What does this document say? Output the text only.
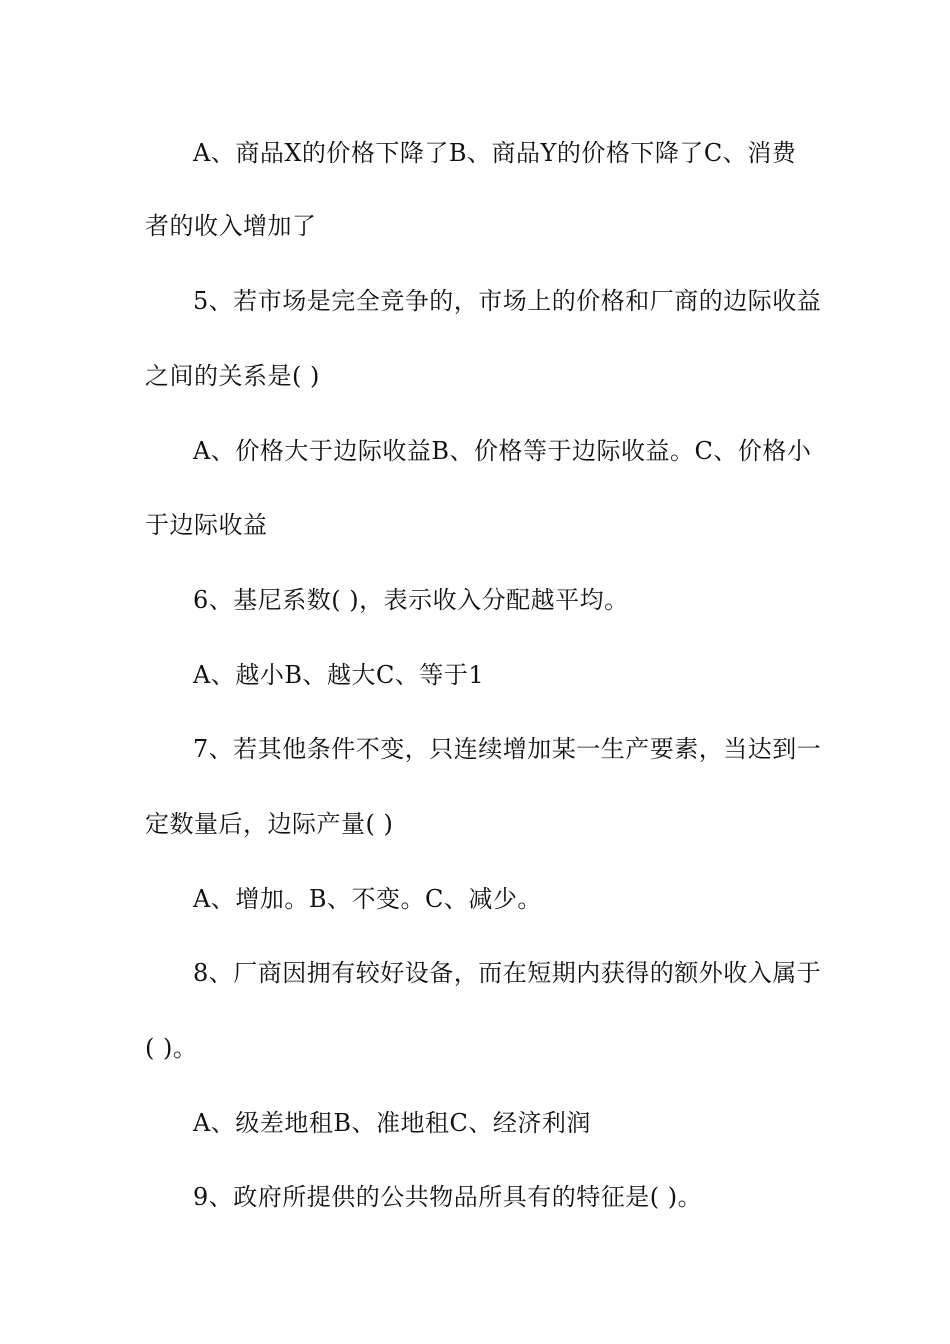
A、商品X的价格下降了B、商品Y的价格下降了C、消费
者的收入增加了
5、若市场是完全竞争的，市场上的价格和厂商的边际收益
之间的关系是( )
A、价格大于边际收益B、价格等于边际收益。C、价格小
于边际收益
6、基尼系数( )，表示收入分配越平均。
A、越小B、越大C、等于1
7、若其他条件不变，只连续增加某一生产要素，当达到一
定数量后，边际产量( )
A、增加。B、不变。C、减少。
8、厂商因拥有较好设备，而在短期内获得的额外收入属于
( )。
A、级差地租B、准地租C、经济利润
9、政府所提供的公共物品所具有的特征是( )。
